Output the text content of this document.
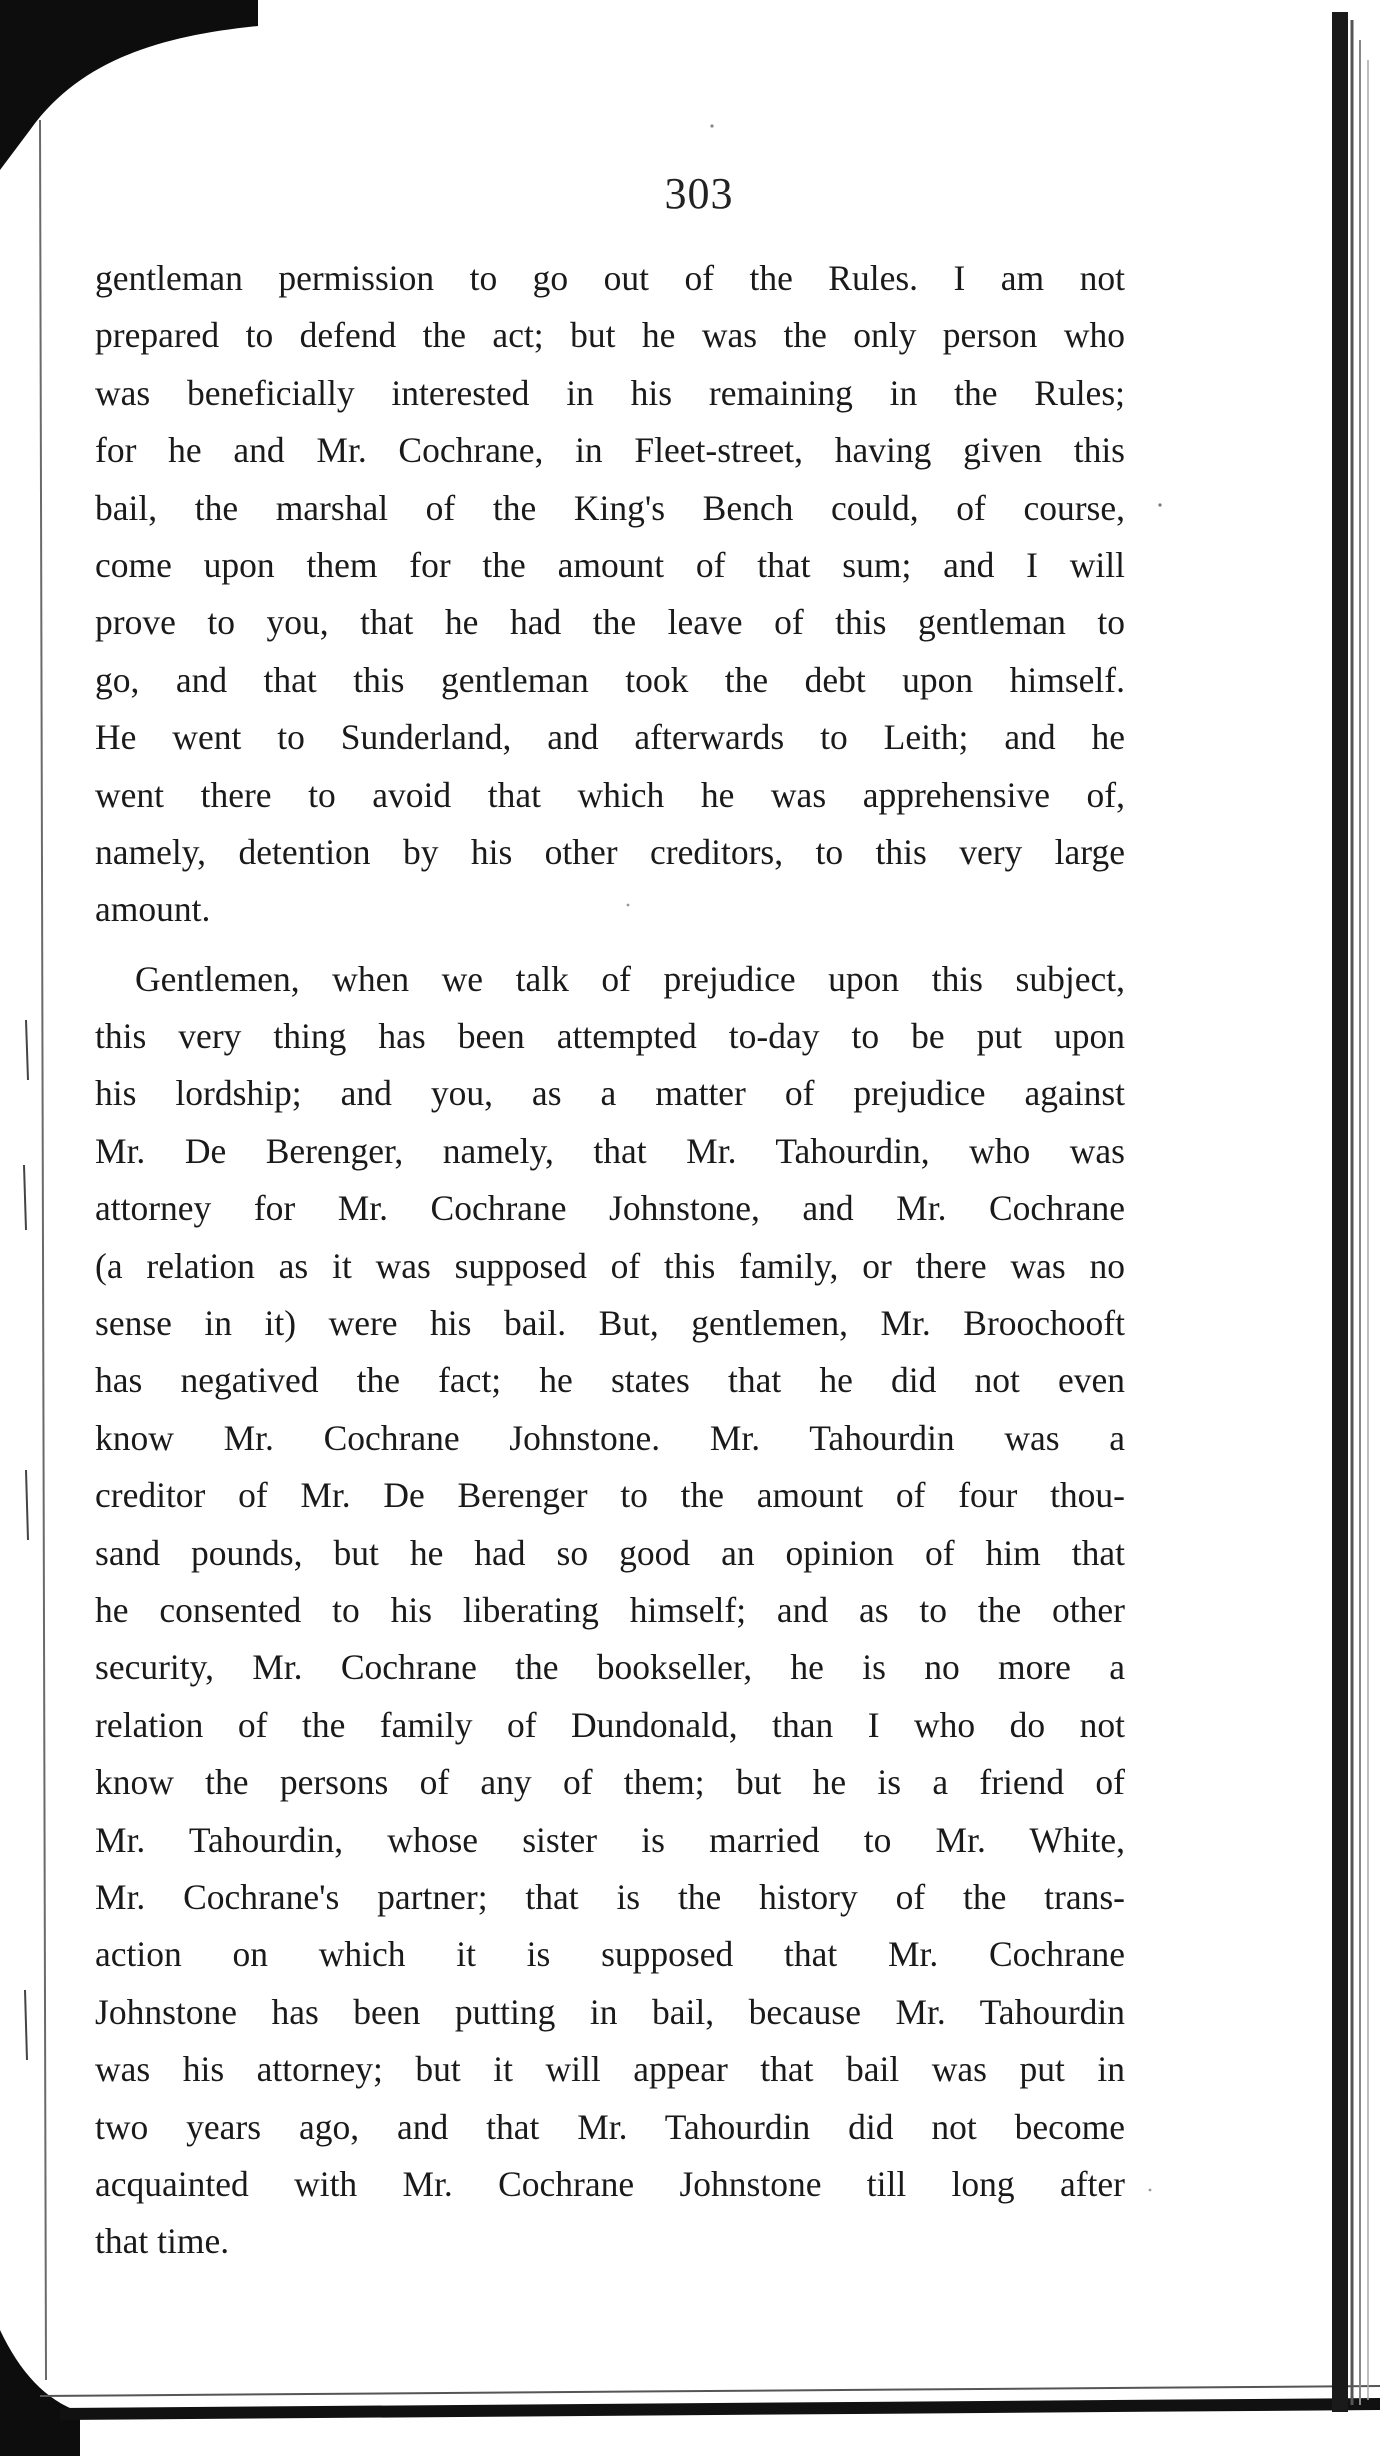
303
gentleman permission to go out of the Rules. I am not
prepared to defend the act; but he was the only person who
was beneficially interested in his remaining in the Rules;
for he and Mr. Cochrane, in Fleet-street, having given this
bail, the marshal of the King's Bench could, of course,
come upon them for the amount of that sum; and I will
prove to you, that he had the leave of this gentleman to
go, and that this gentleman took the debt upon himself.
He went to Sunderland, and afterwards to Leith; and he
went there to avoid that which he was apprehensive of,
namely, detention by his other creditors, to this very large
amount.
Gentlemen, when we talk of prejudice upon this subject,
this very thing has been attempted to-day to be put upon
his lordship; and you, as a matter of prejudice against
Mr. De Berenger, namely, that Mr. Tahourdin, who was
attorney for Mr. Cochrane Johnstone, and Mr. Cochrane
(a relation as it was supposed of this family, or there was no
sense in it) were his bail. But, gentlemen, Mr. Broochooft
has negatived the fact; he states that he did not even
know Mr. Cochrane Johnstone. Mr. Tahourdin was a
creditor of Mr. De Berenger to the amount of four thou-
sand pounds, but he had so good an opinion of him that
he consented to his liberating himself; and as to the other
security, Mr. Cochrane the bookseller, he is no more a
relation of the family of Dundonald, than I who do not
know the persons of any of them; but he is a friend of
Mr. Tahourdin, whose sister is married to Mr. White,
Mr. Cochrane's partner; that is the history of the trans-
action on which it is supposed that Mr. Cochrane
Johnstone has been putting in bail, because Mr. Tahourdin
was his attorney; but it will appear that bail was put in
two years ago, and that Mr. Tahourdin did not become
acquainted with Mr. Cochrane Johnstone till long after
that time.
